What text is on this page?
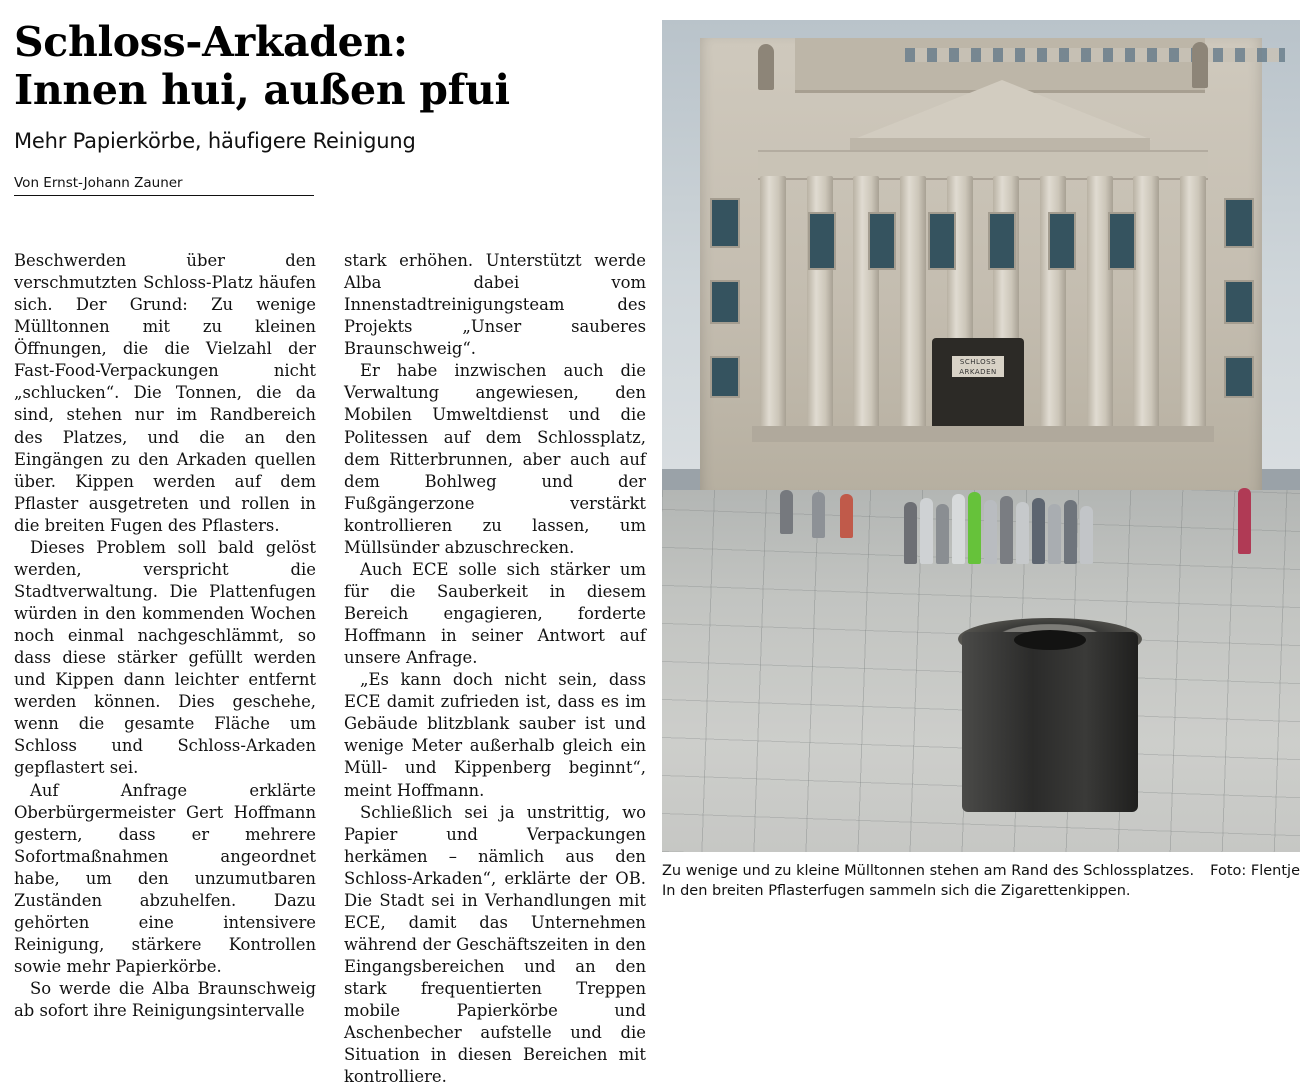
Schloss-Arkaden:
Innen hui, außen pfui
Mehr Papierkörbe, häufigere Reinigung
Von Ernst-Johann Zauner

Beschwerden über den verschmutzten Schloss-Platz häufen sich. Der Grund: Zu wenige Mülltonnen mit zu kleinen Öffnungen, die die Vielzahl der Fast-Food-Verpackungen nicht „schlucken“. Die Tonnen, die da sind, stehen nur im Randbereich des Platzes, und die an den Eingängen zu den Arkaden quellen über. Kippen werden auf dem Pflaster ausgetreten und rollen in die breiten Fugen des Pflasters.

Dieses Problem soll bald gelöst werden, verspricht die Stadtverwaltung. Die Plattenfugen würden in den kommenden Wochen noch einmal nachgeschlämmt, so dass diese stärker gefüllt werden und Kippen dann leichter entfernt werden können. Dies geschehe, wenn die gesamte Fläche um Schloss und Schloss-Arkaden gepflastert sei.

Auf Anfrage erklärte Oberbürgermeister Gert Hoffmann gestern, dass er mehrere Sofortmaßnahmen angeordnet habe, um den unzumutbaren Zuständen abzuhelfen. Dazu gehörten eine intensivere Reinigung, stärkere Kontrollen sowie mehr Papierkörbe.

So werde die Alba Braunschweig ab sofort ihre Reinigungsintervalle

stark erhöhen. Unterstützt werde Alba dabei vom Innenstadtreinigungsteam des Projekts „Unser sauberes Braunschweig“.

Er habe inzwischen auch die Verwaltung angewiesen, den Mobilen Umweltdienst und die Politessen auf dem Schlossplatz, dem Ritterbrunnen, aber auch auf dem Bohlweg und der Fußgängerzone verstärkt kontrollieren zu lassen, um Müllsünder abzuschrecken.

Auch ECE solle sich stärker um für die Sauberkeit in diesem Bereich engagieren, forderte Hoffmann in seiner Antwort auf unsere Anfrage.

„Es kann doch nicht sein, dass ECE damit zufrieden ist, dass es im Gebäude blitzblank sauber ist und wenige Meter außerhalb gleich ein Müll- und Kippenberg beginnt“, meint Hoffmann.

Schließlich sei ja unstrittig, wo Papier und Verpackungen herkämen – nämlich aus den Schloss-Arkaden“, erklärte der OB. Die Stadt sei in Verhandlungen mit ECE, damit das Unternehmen während der Geschäftszeiten in den Eingangsbereichen und an den stark frequentierten Treppen mobile Papierkörbe und Aschenbecher aufstelle und die Situation in diesen Bereichen mit kontrolliere.

SCHLOSS
ARKADEN
Foto: Flentje
Zu wenige und zu kleine Mülltonnen stehen am Rand des Schlossplatzes. In den breiten Pflasterfugen sammeln sich die Zigarettenkippen.
